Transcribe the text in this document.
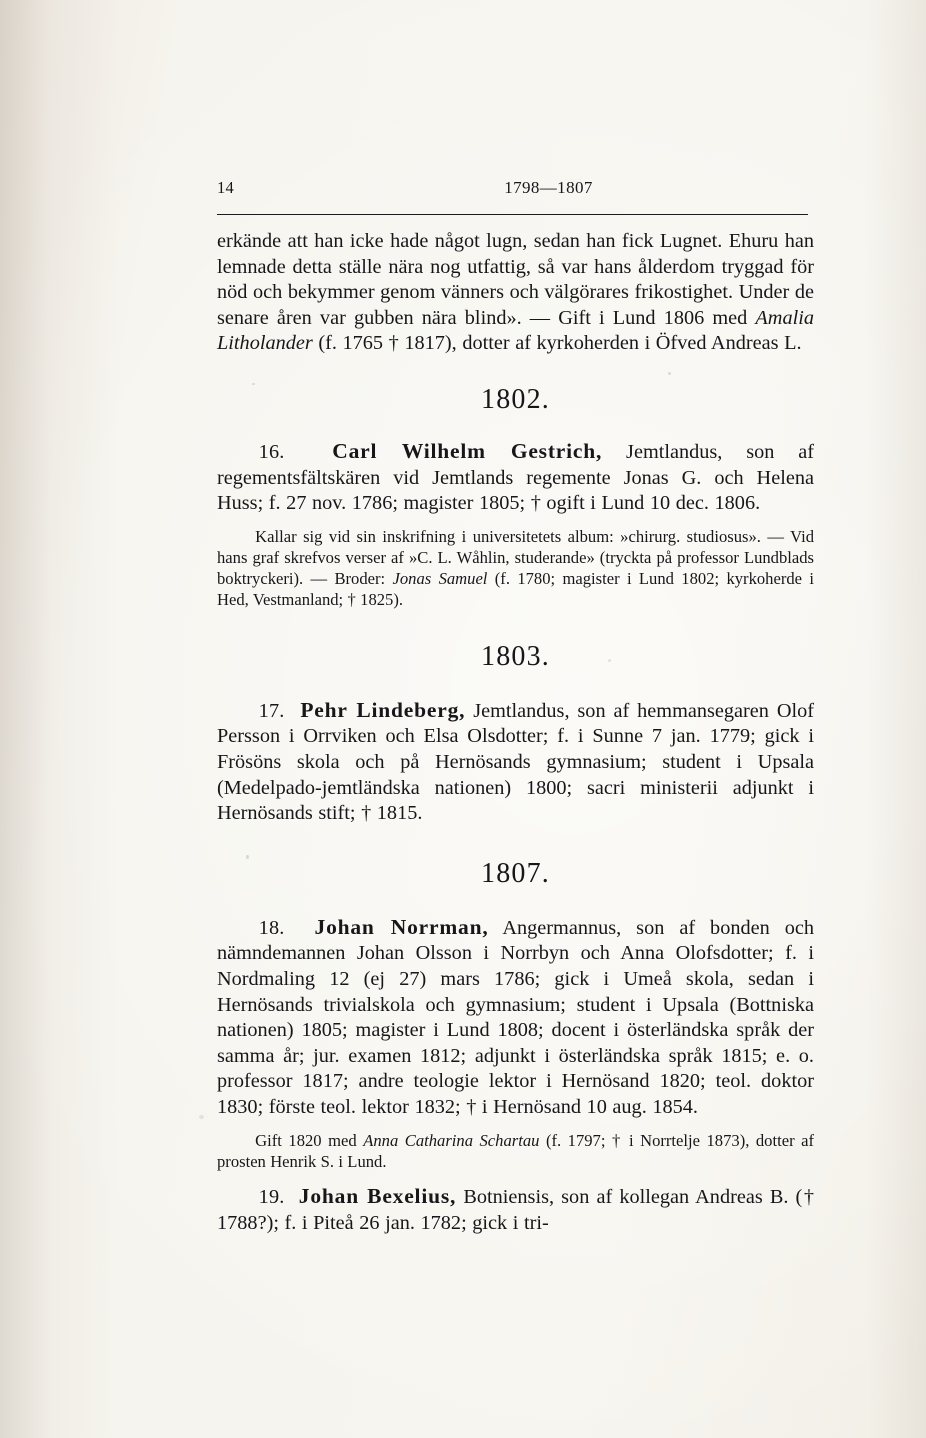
14	1798—1807

erkände att han icke hade något lugn, sedan han fick Lugnet. Ehuru han lemnade detta ställe nära nog utfattig, så var hans ålderdom tryggad för nöd och bekymmer genom vänners och välgörares frikostighet. Under de senare åren var gubben nära blind». — Gift i Lund 1806 med Amalia Litholander (f. 1765 † 1817), dotter af kyrkoherden i Öfved Andreas L.

1802.

16. Carl Wilhelm Gestrich, Jemtlandus, son af regementsfältskären vid Jemtlands regemente Jonas G. och Helena Huss; f. 27 nov. 1786; magister 1805; † ogift i Lund 10 dec. 1806.

Kallar sig vid sin inskrifning i universitetets album: »chirurg. studiosus». — Vid hans graf skrefvos verser af »C. L. Wåhlin, studerande» (tryckta på professor Lundblads boktryckeri). — Broder: Jonas Samuel (f. 1780; magister i Lund 1802; kyrkoherde i Hed, Vestmanland; † 1825).

1803.

17. Pehr Lindeberg, Jemtlandus, son af hemmansegaren Olof Persson i Orrviken och Elsa Olsdotter; f. i Sunne 7 jan. 1779; gick i Frösöns skola och på Hernösands gymnasium; student i Upsala (Medelpado-jemtländska nationen) 1800; sacri ministerii adjunkt i Hernösands stift; † 1815.

1807.

18. Johan Norrman, Angermannus, son af bonden och nämndemannen Johan Olsson i Norrbyn och Anna Olofsdotter; f. i Nordmaling 12 (ej 27) mars 1786; gick i Umeå skola, sedan i Hernösands trivialskola och gymnasium; student i Upsala (Bottniska nationen) 1805; magister i Lund 1808; docent i österländska språk der samma år; jur. examen 1812; adjunkt i österländska språk 1815; e. o. professor 1817; andre teologie lektor i Hernösand 1820; teol. doktor 1830; förste teol. lektor 1832; † i Hernösand 10 aug. 1854.

Gift 1820 med Anna Catharina Schartau (f. 1797; † i Norrtelje 1873), dotter af prosten Henrik S. i Lund.

19. Johan Bexelius, Botniensis, son af kollegan Andreas B. († 1788?); f. i Piteå 26 jan. 1782; gick i tri-
